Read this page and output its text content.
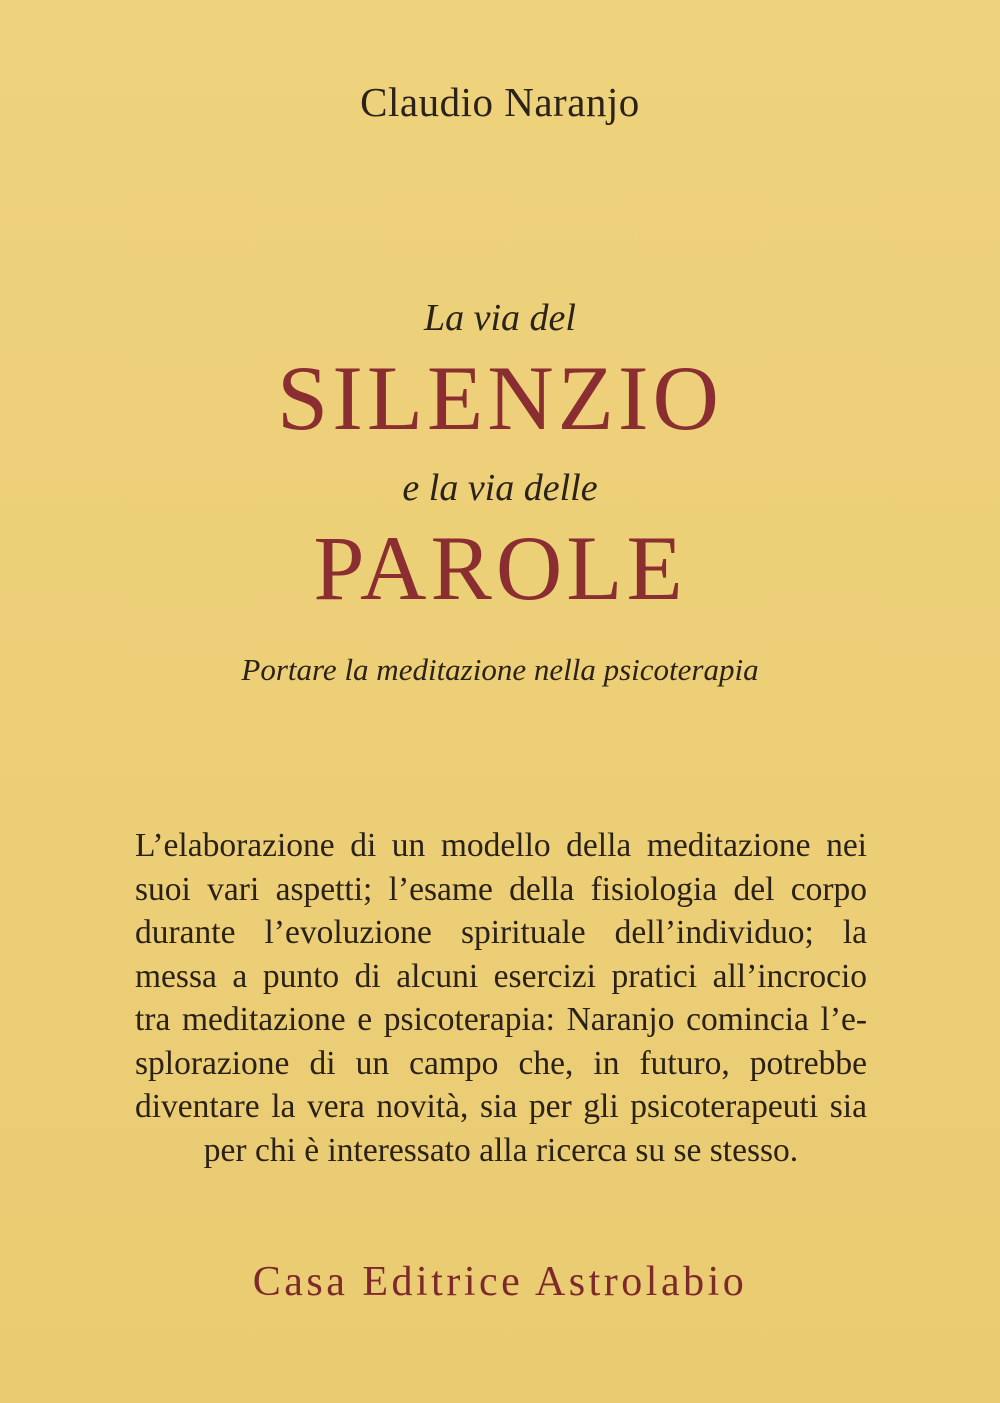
Claudio Naranjo
La via del
SILENZIO
e la via delle
PAROLE
Portare la meditazione nella psicoterapia
L’elaborazione di un modello della meditazione nei
suoi vari aspetti; l’esame della fisiologia del corpo
durante l’evoluzione spirituale dell’individuo; la
messa a punto di alcuni esercizi pratici all’incrocio
tra meditazione e psicoterapia: Naranjo comincia l’e-
splorazione di un campo che, in futuro, potrebbe
diventare la vera novità, sia per gli psicoterapeuti sia
per chi è interessato alla ricerca su se stesso.
Casa Editrice Astrolabio
